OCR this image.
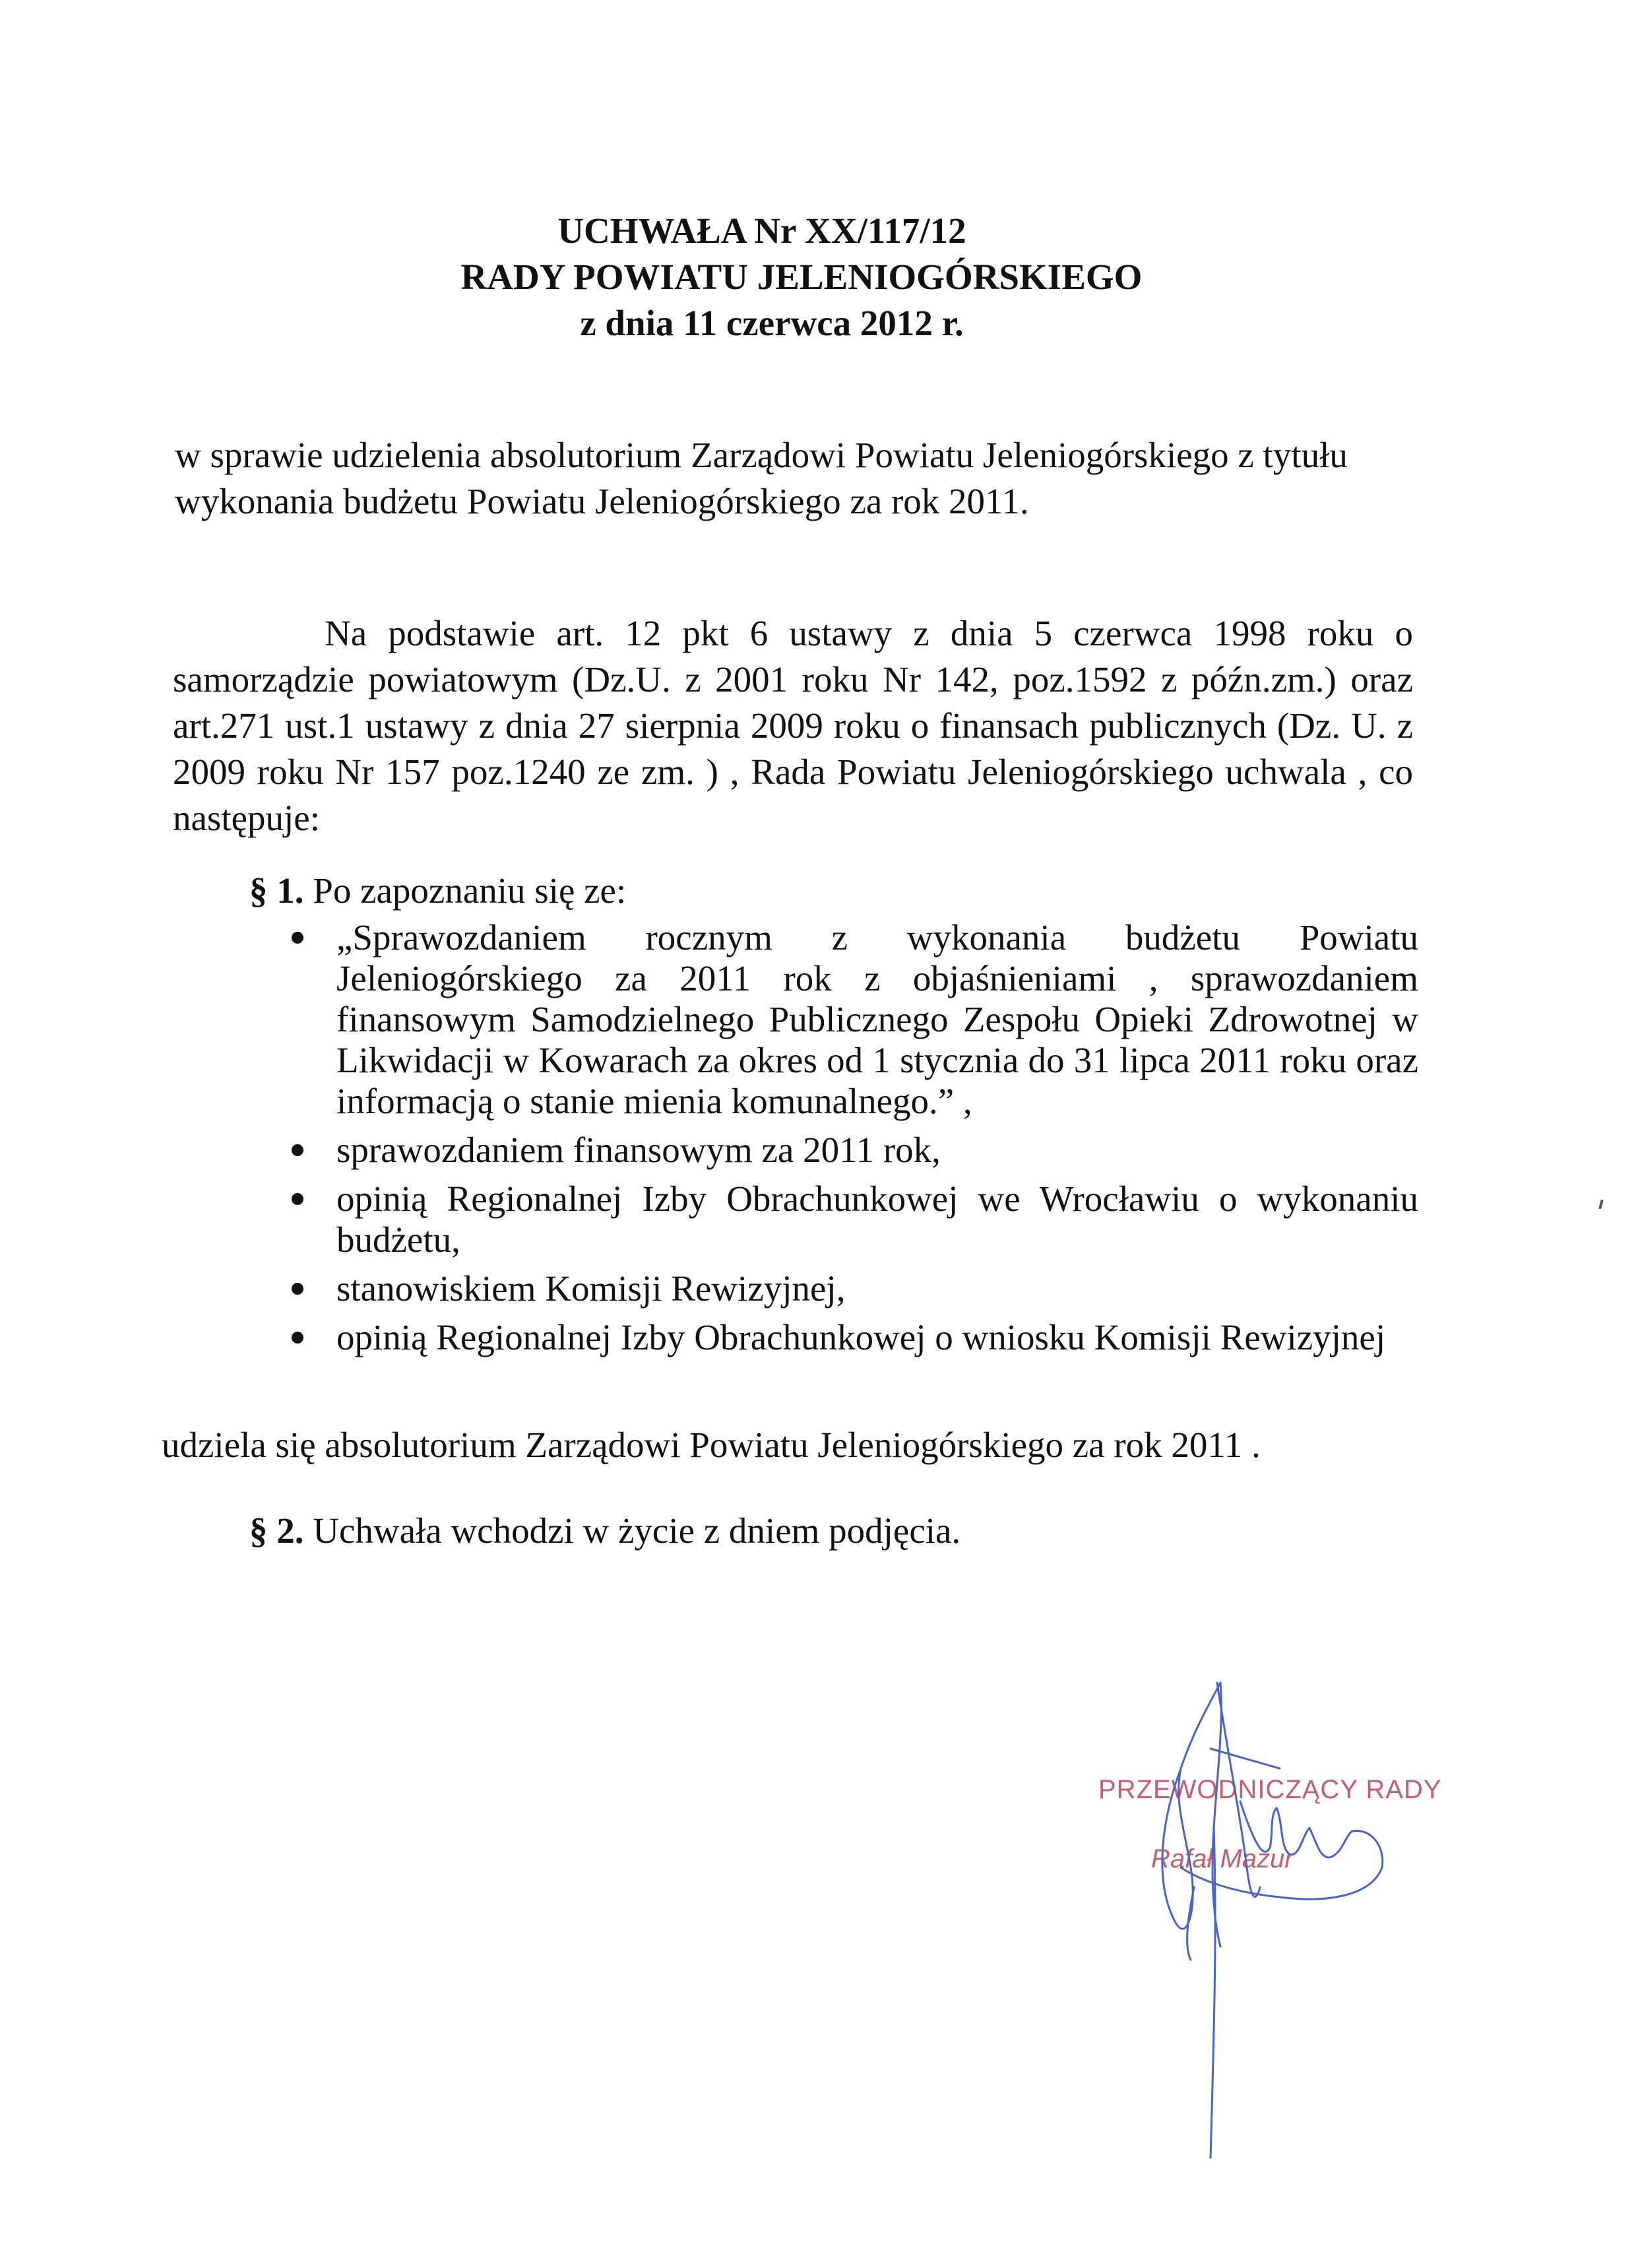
UCHWAŁA Nr XX/117/12
RADY POWIATU JELENIOGÓRSKIEGO
z dnia 11 czerwca 2012 r.

w sprawie udzielenia absolutorium Zarządowi Powiatu Jeleniogórskiego z tytułu

wykonania budżetu Powiatu Jeleniogórskiego za rok 2011.

Na podstawie art. 12 pkt 6 ustawy z dnia 5 czerwca 1998 roku o samorządzie powiatowym (Dz.U. z 2001 roku Nr 142, poz.1592 z późn.zm.) oraz art.271 ust.1 ustawy z dnia 27 sierpnia 2009 roku o finansach publicznych (Dz. U. z 2009 roku Nr 157 poz.1240 ze zm. ) , Rada Powiatu Jeleniogórskiego uchwala , co następuje:

§ 1. Po zapoznaniu się ze:
„Sprawozdaniem rocznym z wykonania budżetu Powiatu Jeleniogórskiego za 2011 rok z objaśnieniami , sprawozdaniem finansowym Samodzielnego Publicznego Zespołu Opieki Zdrowotnej w Likwidacji w Kowarach za okres od 1 stycznia do 31 lipca 2011 roku oraz informacją o stanie mienia komunalnego.” ,
sprawozdaniem finansowym za 2011 rok,
opinią Regionalnej Izby Obrachunkowej we Wrocławiu o wykonaniu budżetu,
stanowiskiem Komisji Rewizyjnej,
opinią Regionalnej Izby Obrachunkowej o wniosku Komisji Rewizyjnej
udziela się absolutorium Zarządowi Powiatu Jeleniogórskiego za rok 2011 .
§ 2. Uchwała wchodzi w życie z dniem podjęcia.
PRZEWODNICZĄCY RADY
Rafał Mazur
